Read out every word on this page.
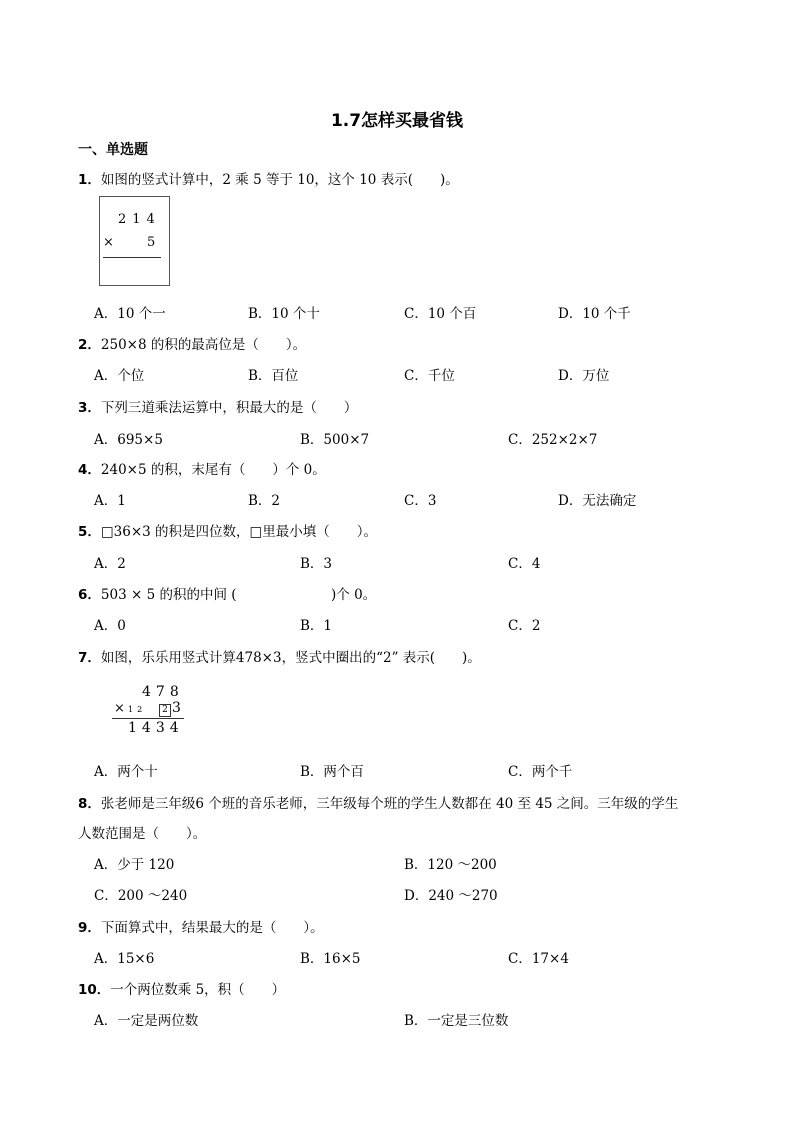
1.7怎样买最省钱
一、单选题
1．如图的竖式计算中，2 乘 5 等于 10，这个 10 表示(　　)。
214
×	5
A．10 个一	B．10 个十	C．10 个百	D．10 个千
2．250×8 的积的最高位是（　　）。
A．个位	B．百位	C．千位	D．万位
3．下列三道乘法运算中，积最大的是（　　）
A．695×5	B．500×7	C．252×2×7
4．240×5 的积，末尾有（　　）个 0。
A．1	B．2	C．3	D．无法确定
5．□36×3 的积是四位数，□里最小填（　　）。
A．2	B．3	C．4
6．503 × 5 的积的中间 (　　　　　　　)个 0。
A．0	B．1	C．2
7．如图，乐乐用竖式计算478×3，竖式中圈出的“2” 表示(　　)。
478
× 12	2 3
1434
A．两个十	B．两个百	C．两个千
8．张老师是三年级6 个班的音乐老师，三年级每个班的学生人数都在 40 至 45 之间。三年级的学生
人数范围是（　　）。
A．少于 120	B．120 ～200
C．200 ～240	D．240 ～270
9．下面算式中，结果最大的是（　　）。
A．15×6	B．16×5	C．17×4
10．一个两位数乘 5，积（　　）
A．一定是两位数	B．一定是三位数
